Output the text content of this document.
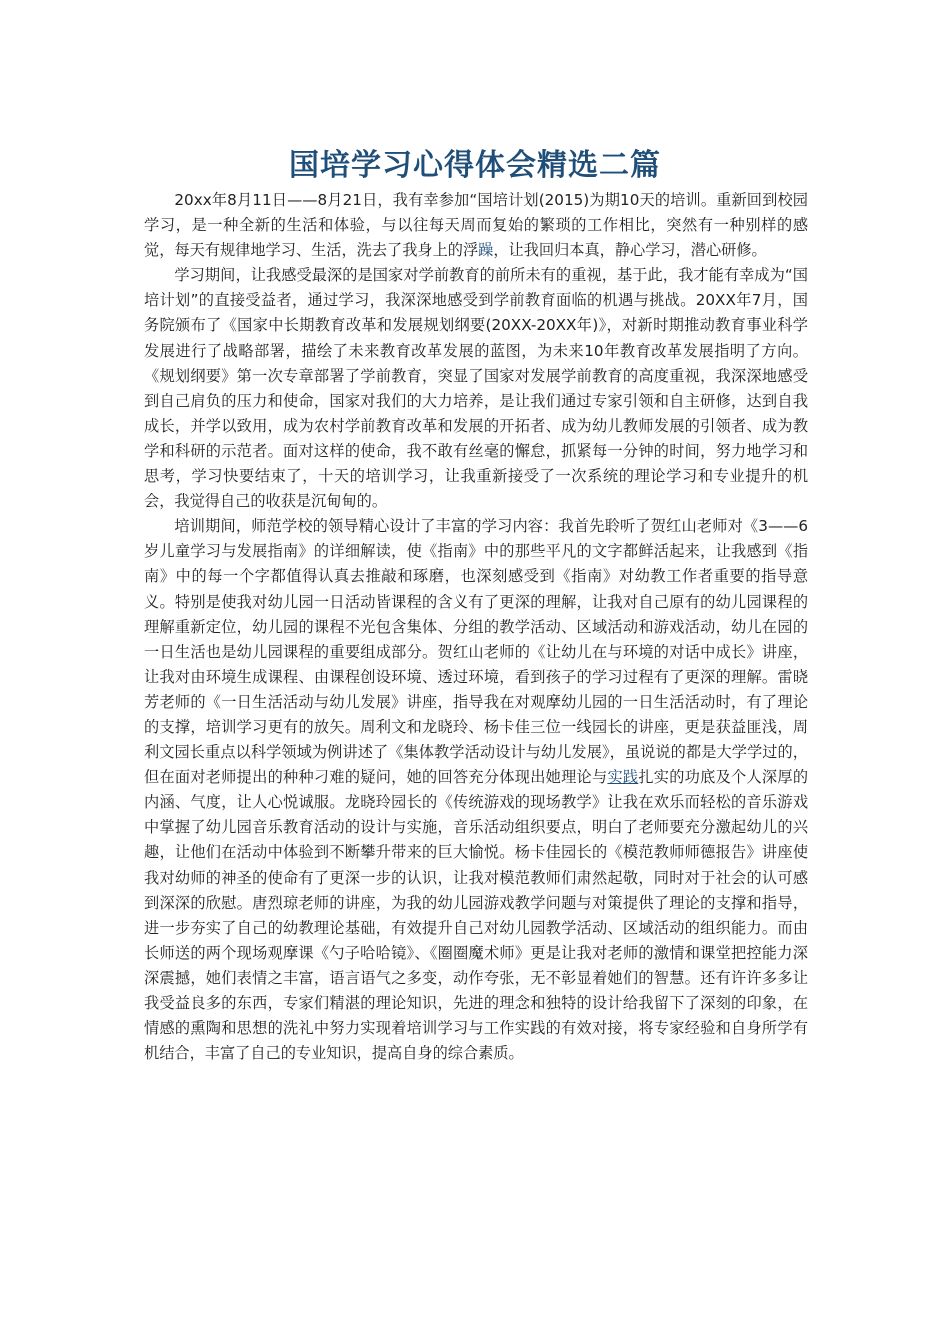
国培学习心得体会精选二篇

20xx年8月11日——8月21日，我有幸参加“国培计划(2015)为期10天的培训。重新回到校园学习，是一种全新的生活和体验，与以往每天周而复始的繁琐的工作相比，突然有一种别样的感觉，每天有规律地学习、生活，洗去了我身上的浮躁，让我回归本真，静心学习，潜心研修。

学习期间，让我感受最深的是国家对学前教育的前所未有的重视，基于此，我才能有幸成为“国培计划”的直接受益者，通过学习，我深深地感受到学前教育面临的机遇与挑战。20XX年7月，国务院颁布了《国家中长期教育改革和发展规划纲要(20XX-20XX年)》，对新时期推动教育事业科学发展进行了战略部署，描绘了未来教育改革发展的蓝图，为未来10年教育改革发展指明了方向。《规划纲要》第一次专章部署了学前教育，突显了国家对发展学前教育的高度重视，我深深地感受到自己肩负的压力和使命，国家对我们的大力培养，是让我们通过专家引领和自主研修，达到自我成长，并学以致用，成为农村学前教育改革和发展的开拓者、成为幼儿教师发展的引领者、成为教学和科研的示范者。面对这样的使命，我不敢有丝毫的懈怠，抓紧每一分钟的时间，努力地学习和思考，学习快要结束了，十天的培训学习，让我重新接受了一次系统的理论学习和专业提升的机会，我觉得自己的收获是沉甸甸的。

培训期间，师范学校的领导精心设计了丰富的学习内容：我首先聆听了贺红山老师对《3——6岁儿童学习与发展指南》的详细解读，使《指南》中的那些平凡的文字都鲜活起来，让我感到《指南》中的每一个字都值得认真去推敲和琢磨，也深刻感受到《指南》对幼教工作者重要的指导意义。特别是使我对幼儿园一日活动皆课程的含义有了更深的理解，让我对自己原有的幼儿园课程的理解重新定位，幼儿园的课程不光包含集体、分组的教学活动、区域活动和游戏活动，幼儿在园的一日生活也是幼儿园课程的重要组成部分。贺红山老师的《让幼儿在与环境的对话中成长》讲座，让我对由环境生成课程、由课程创设环境、透过环境，看到孩子的学习过程有了更深的理解。雷晓芳老师的《一日生活活动与幼儿发展》讲座，指导我在对观摩幼儿园的一日生活活动时，有了理论的支撑，培训学习更有的放矢。周利文和龙晓玲、杨卡佳三位一线园长的讲座，更是获益匪浅，周利文园长重点以科学领域为例讲述了《集体教学活动设计与幼儿发展》，虽说说的都是大学学过的，但在面对老师提出的种种刁难的疑问，她的回答充分体现出她理论与实践扎实的功底及个人深厚的内涵、气度，让人心悦诚服。龙晓玲园长的《传统游戏的现场教学》让我在欢乐而轻松的音乐游戏中掌握了幼儿园音乐教育活动的设计与实施，音乐活动组织要点，明白了老师要充分激起幼儿的兴趣，让他们在活动中体验到不断攀升带来的巨大愉悦。杨卡佳园长的《模范教师师德报告》讲座使我对幼师的神圣的使命有了更深一步的认识，让我对模范教师们肃然起敬，同时对于社会的认可感到深深的欣慰。唐烈琼老师的讲座，为我的幼儿园游戏教学问题与对策提供了理论的支撑和指导，进一步夯实了自己的幼教理论基础，有效提升自己对幼儿园教学活动、区域活动的组织能力。而由长师送的两个现场观摩课《勺子哈哈镜》、《圈圈魔术师》更是让我对老师的激情和课堂把控能力深深震撼，她们表情之丰富，语言语气之多变，动作夸张，无不彰显着她们的智慧。还有许许多多让我受益良多的东西，专家们精湛的理论知识，先进的理念和独特的设计给我留下了深刻的印象，在情感的熏陶和思想的洗礼中努力实现着培训学习与工作实践的有效对接，将专家经验和自身所学有机结合，丰富了自己的专业知识，提高自身的综合素质。
